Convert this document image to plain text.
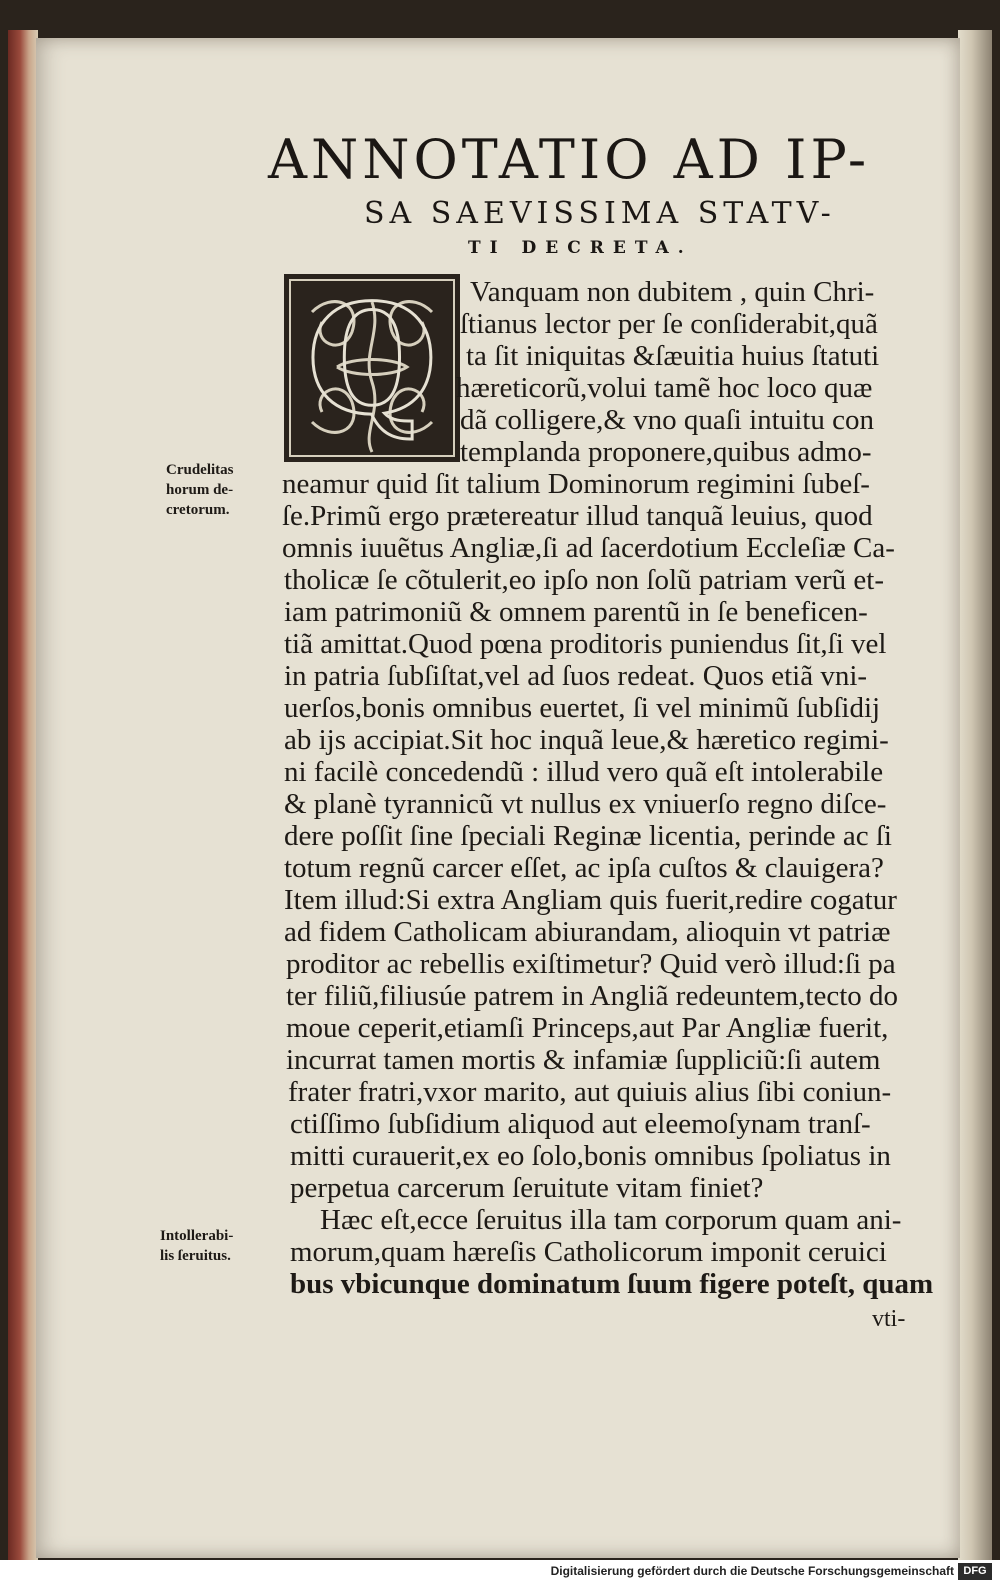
ANNOTATIO AD IP-
SA SAEVISSIMA STATV-
TI DECRETA.
Q Vanquam non dubitem , quin Chri-
ſtianus lector per ſe conſiderabit,quã
ta ſit iniquitas &ſæuitia huius ſtatuti
hæreticorũ,volui tamẽ hoc loco quæ
dã colligere,& vno quaſi intuitu con
templanda proponere,quibus admo-
neamur quid ſit talium Dominorum regimini ſubeſ-
ſe.Primũ ergo prætereatur illud tanquã leuius, quod
omnis iuuẽtus Angliæ,ſi ad ſacerdotium Eccleſiæ Ca-
tholicæ ſe cõtulerit,eo ipſo non ſolũ patriam verũ et-
iam patrimoniũ & omnem parentũ in ſe beneficen-
tiã amittat.Quod pœna proditoris puniendus ſit,ſi vel
in patria ſubſiſtat,vel ad ſuos redeat. Quos etiã vni-
uerſos,bonis omnibus euertet, ſi vel minimũ ſubſidij
ab ijs accipiat.Sit hoc inquã leue,& hæretico regimi-
ni facilè concedendũ : illud vero quã eſt intolerabile
& planè tyrannicũ vt nullus ex vniuerſo regno diſce-
dere poſſit ſine ſpeciali Reginæ licentia, perinde ac ſi
totum regnũ carcer eſſet, ac ipſa cuſtos & clauigera?
Item illud:Si extra Angliam quis fuerit,redire cogatur
ad fidem Catholicam abiurandam, alioquin vt patriæ
proditor ac rebellis exiſtimetur? Quid verò illud:ſi pa
ter filiũ,filiusúe patrem in Angliã redeuntem,tecto do
moue ceperit,etiamſi Princeps,aut Par Angliæ fuerit,
incurrat tamen mortis & infamiæ ſuppliciũ:ſi autem
frater fratri,vxor marito, aut quiuis alius ſibi coniun-
ctiſſimo ſubſidium aliquod aut eleemoſynam tranſ-
mitti curauerit,ex eo ſolo,bonis omnibus ſpoliatus in
perpetua carcerum ſeruitute vitam finiet?
Hæc eſt,ecce ſeruitus illa tam corporum quam ani-
morum,quam hæreſis Catholicorum imponit ceruici
bus vbicunque dominatum ſuum figere poteſt, quam
vti-
Crudelitas
horum de-
cretorum.
Intollerabi-
lis ſeruitus.
Digitalisierung gefördert durch die Deutsche Forschungsgemeinschaft DFG
